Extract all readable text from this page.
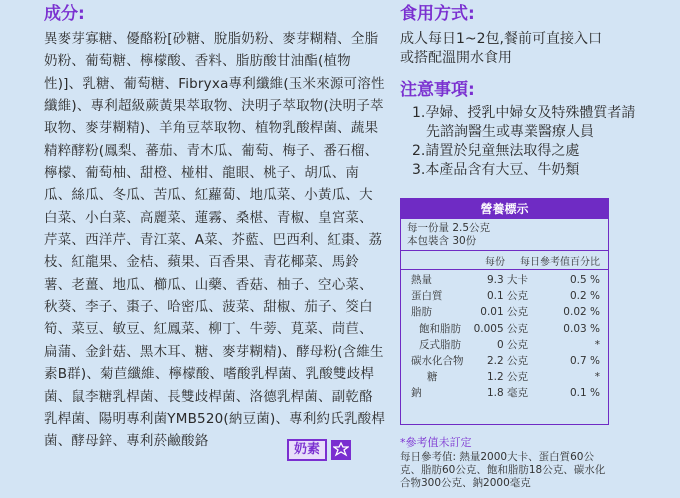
成分:
異麥芽寡糖、優酪粉[砂糖、脫脂奶粉、麥芽糊精、全脂奶粉、葡萄糖、檸檬酸、香料、脂肪酸甘油酯(植物性)]、乳糖、葡萄糖、Fibryxa專利纖維(玉米來源可溶性纖維)、專利超級蕨黃果萃取物、決明子萃取物(決明子萃取物、麥芽糊精)、羊角豆萃取物、植物乳酸桿菌、蔬果精粹酵粉(鳳梨、蕃茄、青木瓜、葡萄、梅子、番石榴、檸檬、葡萄柚、甜橙、椪柑、龍眼、桃子、胡瓜、南瓜、絲瓜、冬瓜、苦瓜、紅蘿蔔、地瓜菜、小黃瓜、大白菜、小白菜、高麗菜、蓮霧、桑椹、青椒、皇宮菜、芹菜、西洋芹、青江菜、A菜、芥藍、巴西利、紅棗、荔枝、紅龍果、金桔、蘋果、百香果、青花椰菜、馬鈴薯、老薑、地瓜、櫛瓜、山藥、香菇、柚子、空心菜、秋葵、李子、棗子、哈密瓜、菠菜、甜椒、茄子、筊白筍、菜豆、敏豆、紅鳳菜、柳丁、牛蒡、莧菜、茼苣、扁蒲、金針菇、黑木耳、糖、麥芽糊精)、酵母粉(含維生素B群)、菊苣纖維、檸檬酸、嗜酸乳桿菌、乳酸雙歧桿菌、鼠李糖乳桿菌、長雙歧桿菌、洛德乳桿菌、副乾酪乳桿菌、陽明專利菌YMB520(納豆菌)、專利約氏乳酸桿菌、酵母鋅、專利菸鹼酸鉻
奶素
食用方式:
成人每日1~2包,餐前可直接入口
或搭配溫開水食用
注意事項:
1.孕婦、授乳中婦女及特殊體質者請先諮詢醫生或專業醫療人員
2.請置於兒童無法取得之處
3.本產品含有大豆、牛奶類
營養標示
每一份量 2.5公克
本包裝含 30份
每份 每日參考值百分比
熱量	9.3 大卡	0.5 %
蛋白質	0.1 公克	0.2 %
脂肪	0.01 公克	0.02 %
飽和脂肪 0.005 公克	0.03 %
反式脂肪	0 公克	*
碳水化合物 2.2 公克	0.7 %
糖	1.2 公克	*
鈉	1.8 毫克	0.1 %
*參考值未訂定
每日參考值: 熱量2000大卡、蛋白質60公克、脂肪60公克、飽和脂肪18公克、碳水化合物300公克、鈉2000毫克
